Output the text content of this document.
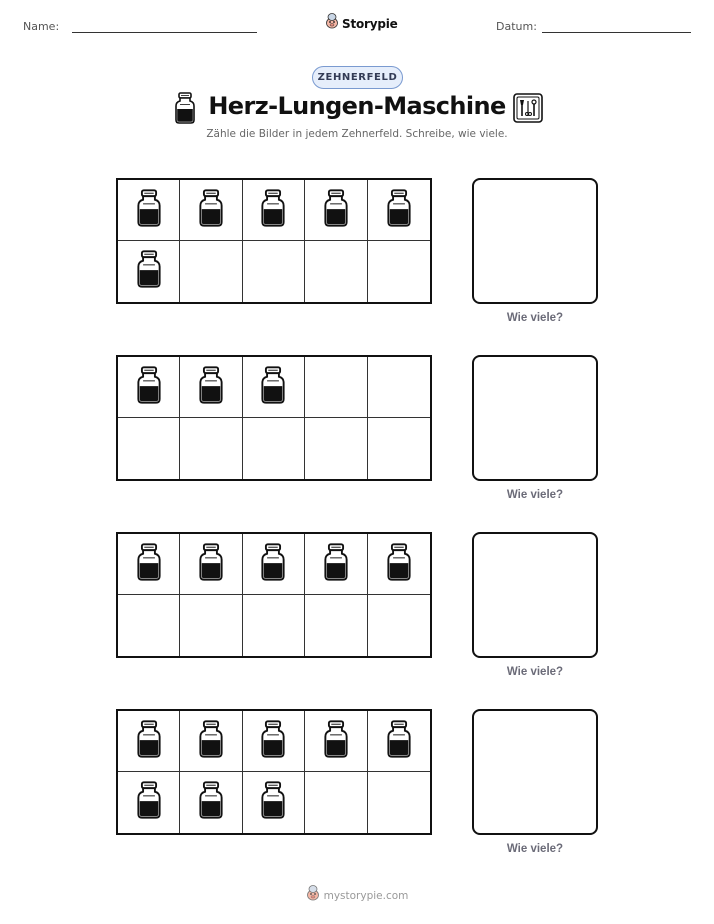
Name:	Storypie	Datum:
ZEHNERFELD
Herz-Lungen-Maschine
Zähle die Bilder in jedem Zehnerfeld. Schreibe, wie viele.
Wie viele?
Wie viele?
Wie viele?
Wie viele?
mystorypie.com
